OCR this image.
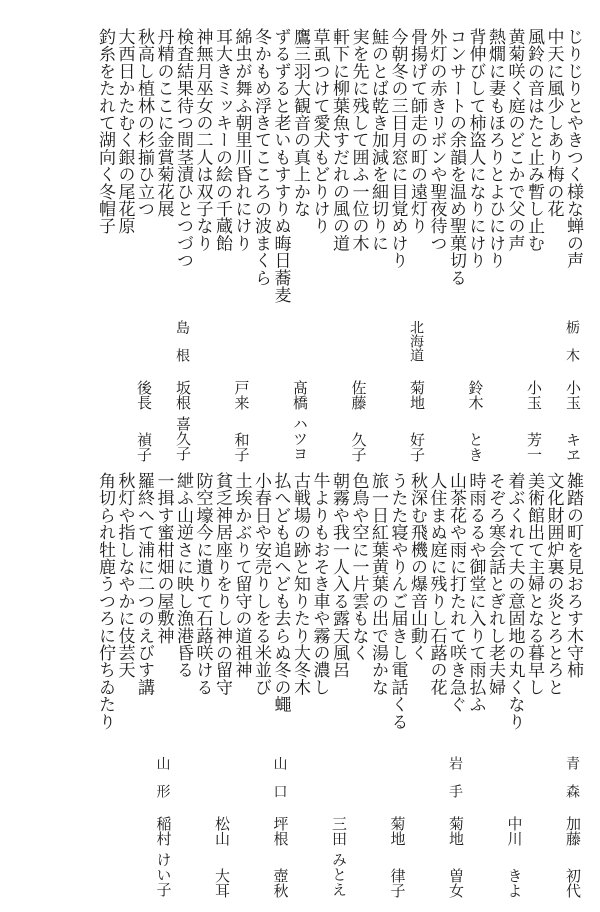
じりじりとやきつく様な蝉の声
中天に風少しあり梅の花
栃木
小玉
キヱ
風鈴の音はたと止み暫し止む
黄菊咲く庭のどこかで父の声
熱燗に妻もほろりとよひにけり
小玉
芳一
背伸びして柿盗人になりにけり
コンサートの余韻を温め聖菓切る
外灯の赤きリボンや聖夜待つ
鈴木
とき
骨揚げて師走の町の遠灯り
今朝冬の三日月窓に目覚めけり
鮭のとば乾き加減を細切りに
北海道
菊地
好子
実を先に残して囲ふ一位の木
軒下に柳葉魚すだれの風の道
草虱つけて愛犬もどりけり
佐藤
久子
鷹三羽大観音の真上かな
ずるずると老いもすすりぬ晦日蕎麦
冬かもめ浮きてこころの波まくら
髙橋
ハツヨ
綿虫が舞ふ朝里川昏れにけり
耳大きミッキーの絵の千蔵飴
神無月巫女の二人は双子なり
戸来
和子
検査結果待つ間茎漬ひとつづつ
丹精のここに金賞菊花展
島根
坂根
喜久子
秋高し植林の杉揃ひ立つ
大西日かたむく銀の尾花原
釣糸をたれて湖向く冬帽子
後長
禎子
雑踏の町を見おろす木守柿
文化財囲炉裏の炎とろとろと
美術館出て主婦となる暮早し
青森
加藤
初代
着ぶくれて夫の意固地の丸くなり
そぞろ寒会話とぎれし老夫婦
時雨るるや御堂に入りて雨払ふ
中川
きよ
山茶花や雨に打たれて咲き急ぐ
人住まぬ庭に残りし石蕗の花
秋深む飛機の爆音山動く
岩手
菊地
曽女
うたた寝やりんご届きし電話くる
旅一日紅葉黄葉の出で湯かな
色鳥や空に一片雲もなく
菊地
律子
朝霧や我一人入る露天風呂
牛よりもおそき車や霧の濃し
古戦場の跡と知りたり大冬木
三田
みとえ
払へども追へども去らぬ冬の蠅
小春日や安売りしをる米並び
土埃かぶりて留守の道祖神
山口
坪根
壺秋
貧乏神居座りをりし神の留守
防空壕今に遺りて石蕗咲ける
紲ふ山逆さに映し漁港昏る
松山
大耳
一揖す蜜柑畑の屋敷神
羅終へて浦に二つのえびす講
秋灯や指しなやかに伎芸天
角切られ牡鹿うつろに佇ちゐたり
山形
稲村
けい子
